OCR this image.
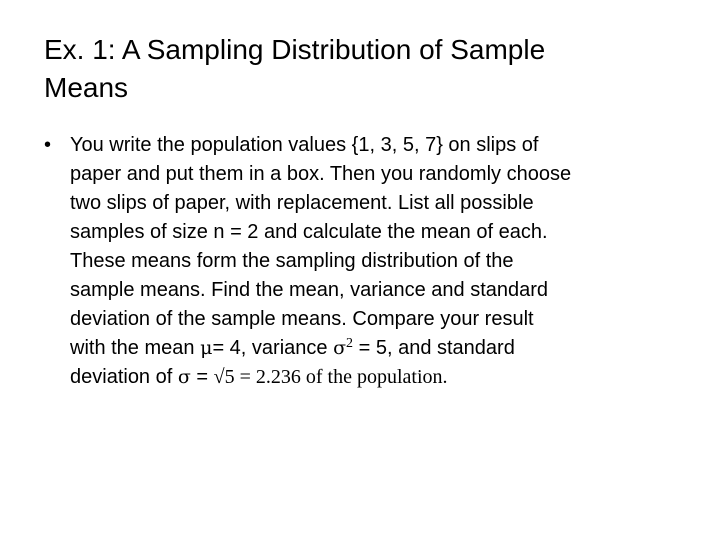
Ex. 1: A Sampling Distribution of Sample
Means
• You write the population values {1, 3, 5, 7} on slips of
paper and put them in a box. Then you randomly choose
two slips of paper, with replacement. List all possible
samples of size n = 2 and calculate the mean of each.
These means form the sampling distribution of the
sample means. Find the mean, variance and standard
deviation of the sample means. Compare your result
with the mean μ= 4, variance $\sigma^2 = 5$, and standard
deviation of σ = √5 = 2.236 of the population.
